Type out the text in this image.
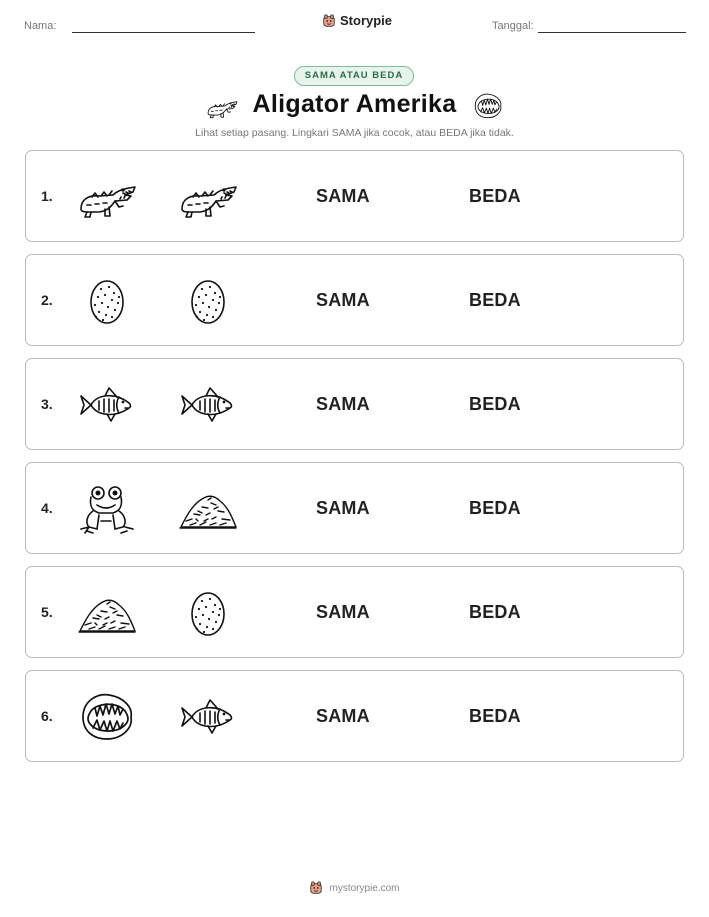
Nama:	Storypie	Tanggal:
SAMA ATAU BEDA
Aligator Amerika
Lihat setiap pasang. Lingkari SAMA jika cocok, atau BEDA jika tidak.
1.	SAMA	BEDA
2.	SAMA	BEDA
3.	SAMA	BEDA
4.	SAMA	BEDA
5.	SAMA	BEDA
6.	SAMA	BEDA
mystorypie.com
